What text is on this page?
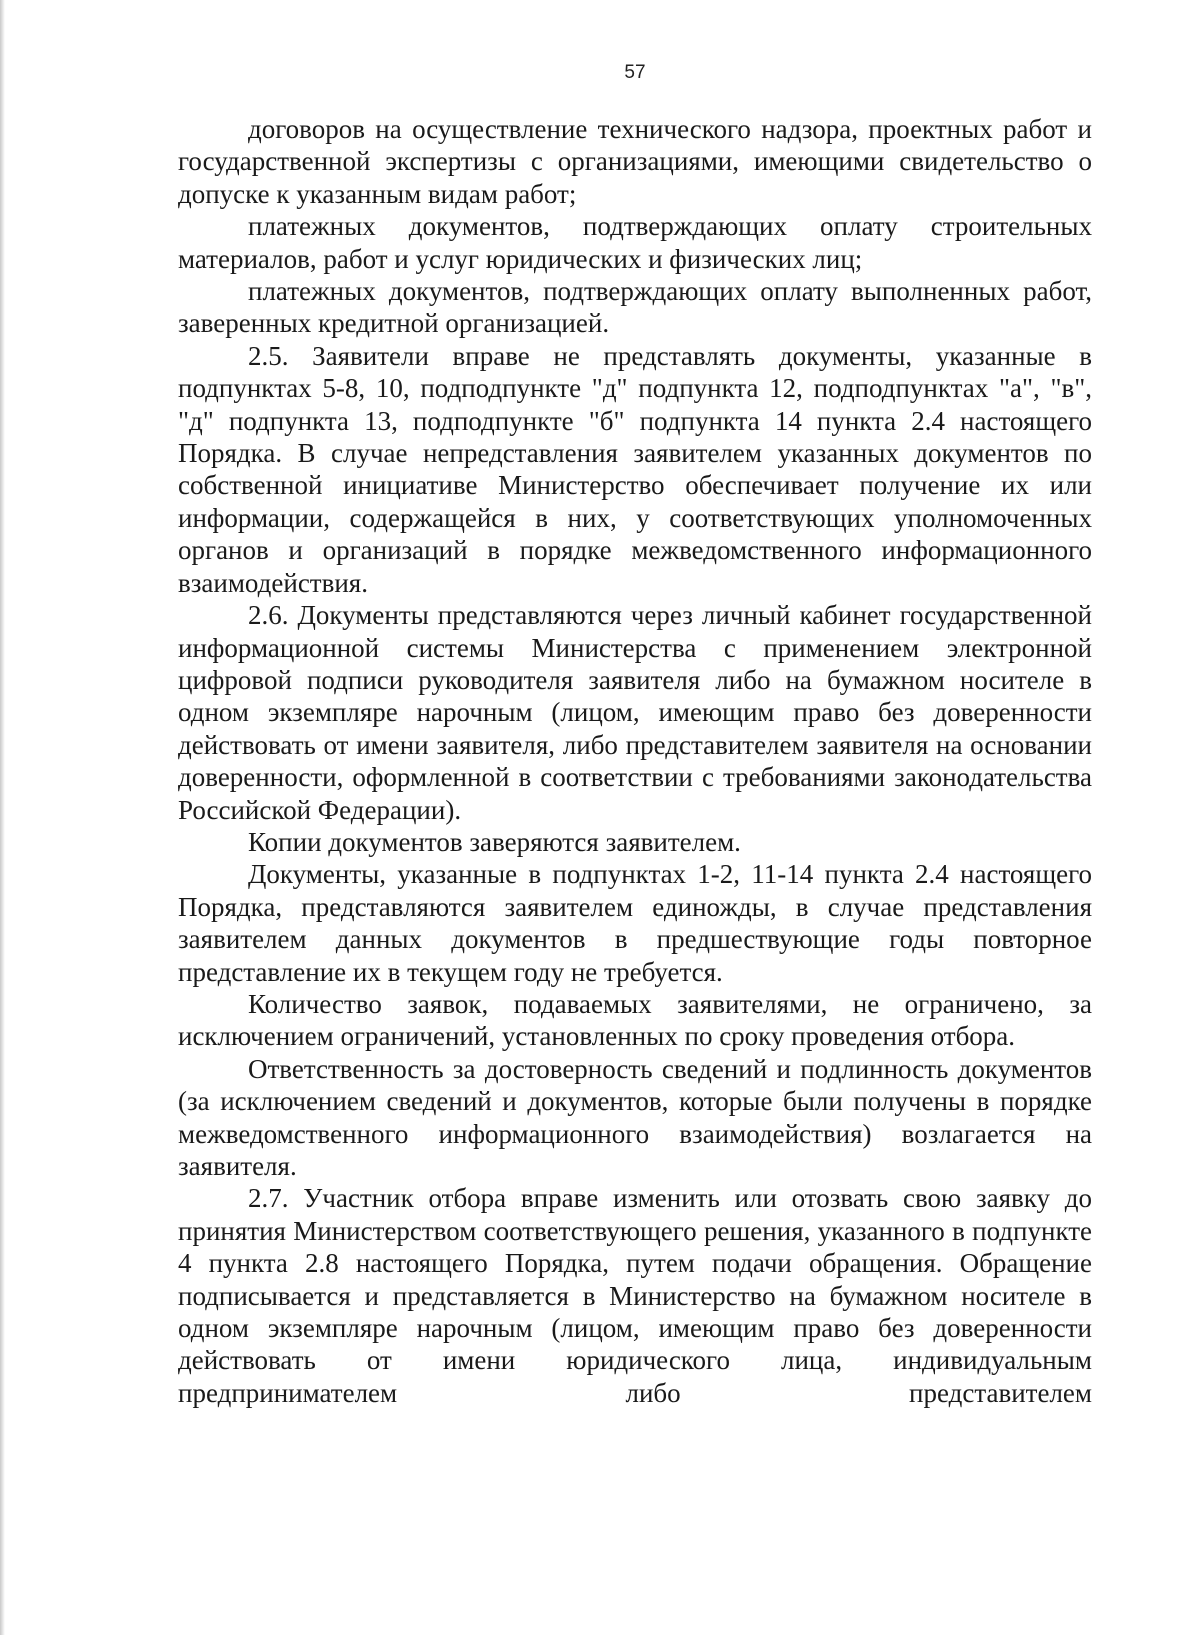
57

договоров на осуществление технического надзора, проектных работ и государственной экспертизы с организациями, имеющими свидетельство о допуске к указанным видам работ;

платежных документов, подтверждающих оплату строительных материалов, работ и услуг юридических и физических лиц;

платежных документов, подтверждающих оплату выполненных работ, заверенных кредитной организацией.

2.5. Заявители вправе не представлять документы, указанные в подпунктах 5-8, 10, подподпункте "д" подпункта 12, подподпунктах "а", "в", "д" подпункта 13, подподпункте "б" подпункта 14 пункта 2.4 настоящего Порядка. В случае непредставления заявителем указанных документов по собственной инициативе Министерство обеспечивает получение их или информации, содержащейся в них, у соответствующих уполномоченных органов и организаций в порядке межведомственного информационного взаимодействия.

2.6. Документы представляются через личный кабинет государственной информационной системы Министерства с применением электронной цифровой подписи руководителя заявителя либо на бумажном носителе в одном экземпляре нарочным (лицом, имеющим право без доверенности действовать от имени заявителя, либо представителем заявителя на основании доверенности, оформленной в соответствии с требованиями законодательства Российской Федерации).

Копии документов заверяются заявителем.

Документы, указанные в подпунктах 1-2, 11-14 пункта 2.4 настоящего Порядка, представляются заявителем единожды, в случае представления заявителем данных документов в предшествующие годы повторное представление их в текущем году не требуется.

Количество заявок, подаваемых заявителями, не ограничено, за исключением ограничений, установленных по сроку проведения отбора.

Ответственность за достоверность сведений и подлинность документов (за исключением сведений и документов, которые были получены в порядке межведомственного информационного взаимодействия) возлагается на заявителя.

2.7. Участник отбора вправе изменить или отозвать свою заявку до принятия Министерством соответствующего решения, указанного в подпункте 4 пункта 2.8 настоящего Порядка, путем подачи обращения. Обращение подписывается и представляется в Министерство на бумажном носителе в одном экземпляре нарочным (лицом, имеющим право без доверенности действовать от имени юридического лица, индивидуальным предпринимателем либо представителем
